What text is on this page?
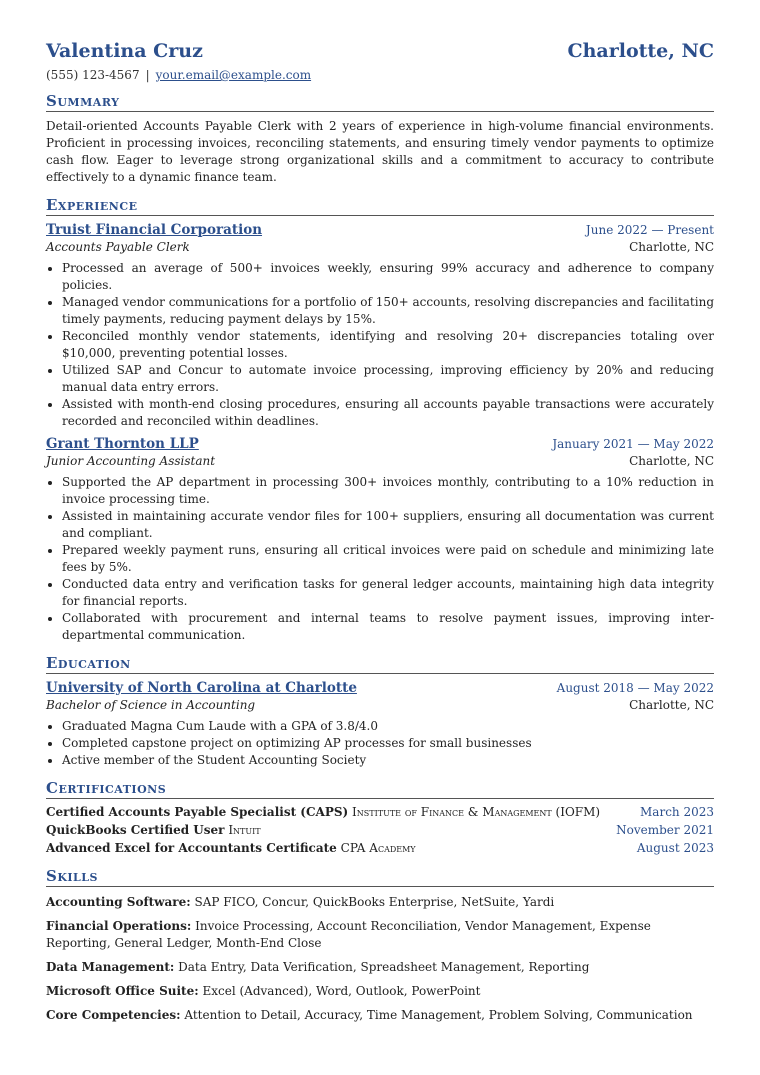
Valentina Cruz	Charlotte, NC
(555) 123-4567 | your.email@example.com
Summary
Detail-oriented Accounts Payable Clerk with 2 years of experience in high-volume financial environments. Proficient in processing invoices, reconciling statements, and ensuring timely vendor payments to optimize cash flow. Eager to leverage strong organizational skills and a commitment to accuracy to contribute effectively to a dynamic finance team.
Experience
Truist Financial Corporation	June 2022 — Present
Accounts Payable Clerk	Charlotte, NC
• Processed an average of 500+ invoices weekly, ensuring 99% accuracy and adherence to company policies.
• Managed vendor communications for a portfolio of 150+ accounts, resolving discrepancies and facilitating timely payments, reducing payment delays by 15%.
• Reconciled monthly vendor statements, identifying and resolving 20+ discrepancies totaling over $10,000, preventing potential losses.
• Utilized SAP and Concur to automate invoice processing, improving efficiency by 20% and reducing manual data entry errors.
• Assisted with month-end closing procedures, ensuring all accounts payable transactions were accurately recorded and reconciled within deadlines.
Grant Thornton LLP	January 2021 — May 2022
Junior Accounting Assistant	Charlotte, NC
• Supported the AP department in processing 300+ invoices monthly, contributing to a 10% reduction in invoice processing time.
• Assisted in maintaining accurate vendor files for 100+ suppliers, ensuring all documentation was current and compliant.
• Prepared weekly payment runs, ensuring all critical invoices were paid on schedule and minimizing late fees by 5%.
• Conducted data entry and verification tasks for general ledger accounts, maintaining high data integrity for financial reports.
• Collaborated with procurement and internal teams to resolve payment issues, improving inter-departmental communication.
Education
University of North Carolina at Charlotte	August 2018 — May 2022
Bachelor of Science in Accounting	Charlotte, NC
• Graduated Magna Cum Laude with a GPA of 3.8/4.0
• Completed capstone project on optimizing AP processes for small businesses
• Active member of the Student Accounting Society
Certifications
Certified Accounts Payable Specialist (CAPS) Institute of Finance & Management (IOFM)	March 2023
QuickBooks Certified User Intuit	November 2021
Advanced Excel for Accountants Certificate CPA Academy	August 2023
Skills
Accounting Software: SAP FICO, Concur, QuickBooks Enterprise, NetSuite, Yardi
Financial Operations: Invoice Processing, Account Reconciliation, Vendor Management, Expense Reporting, General Ledger, Month-End Close
Data Management: Data Entry, Data Verification, Spreadsheet Management, Reporting
Microsoft Office Suite: Excel (Advanced), Word, Outlook, PowerPoint
Core Competencies: Attention to Detail, Accuracy, Time Management, Problem Solving, Communication
